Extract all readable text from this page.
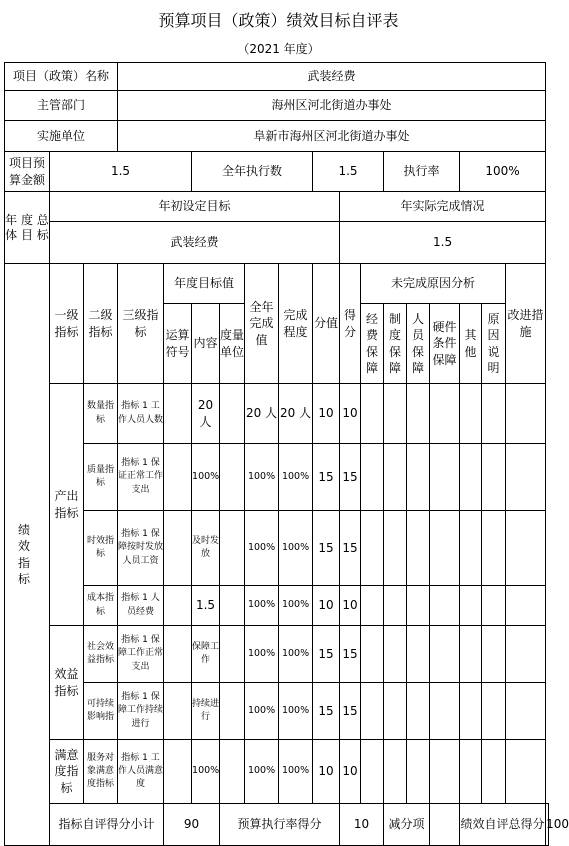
预算项目（政策）绩效目标自评表
（2021 年度）
项目（政策）名称			武装经费															
主管部门			海州区河北街道办事处															
实施单位			阜新市海州区河北街道办事处															
项目预算金额	1.5				全年执行数				1.5			执行率			100%			
年 度 总 体 目 标	年初设定目标									年实际完成情况								
	武装经费									1.5								
绩 效 指 标	一级指标	二级指标	三级指标	年度目标值			全年完成值	完成程度	分值	得分	未完成原因分析						改进措施	
				运算符号	内容	度量单位					经费保障	制度保障	人员保障	硬件条件保障	其他	原因说明		
	产出指标	数量指标	指标 1 工作人员人数		20人		20 人	20 人	10	10								
		质量指标	指标 1 保证正常工作支出		100%		100%	100%	15	15								
		时效指标	指标 1 保障按时发放人员工资		及时发放		100%	100%	15	15								
		成本指标	指标 1 人员经费		1.5		100%	100%	10	10								
	效益指标	社会效益指标	指标 1 保障工作正常支出		保障工作		100%	100%	15	15								
		可持续影响指	指标 1 保障工作持续进行		持续进行		100%	100%	15	15								
	满意度指标	服务对象满意度指标	指标 1 工作人员满意度		100%		100%	100%	10	10								
	指标自评得分小计			90		预算执行率得分				10		减分项			绩效自评总得分			100
